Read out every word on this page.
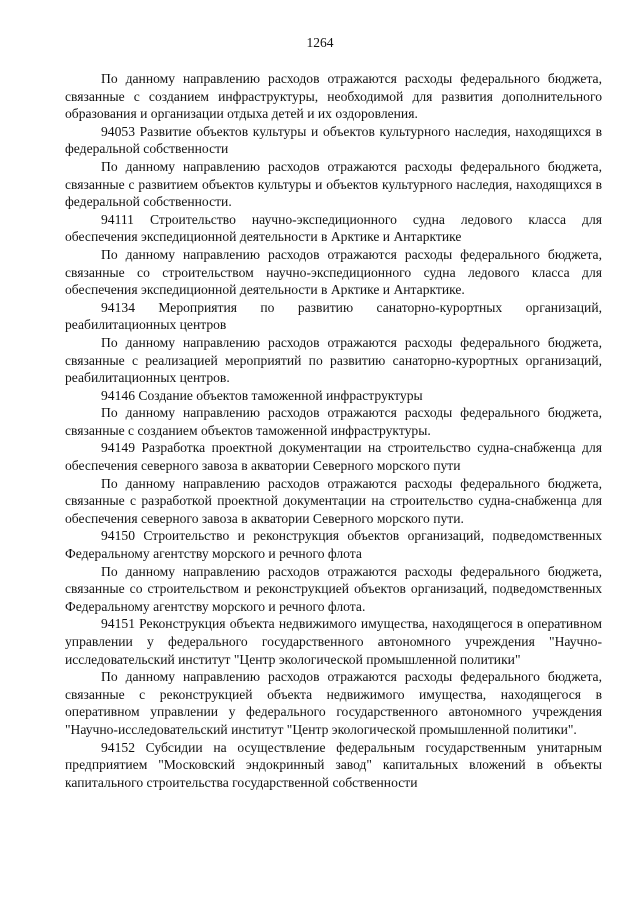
1264

По данному направлению расходов отражаются расходы федерального бюджета, связанные с созданием инфраструктуры, необходимой для развития дополнительного образования и организации отдыха детей и их оздоровления.

94053 Развитие объектов культуры и объектов культурного наследия, находящихся в федеральной собственности

По данному направлению расходов отражаются расходы федерального бюджета, связанные с развитием объектов культуры и объектов культурного наследия, находящихся в федеральной собственности.

94111 Строительство научно-экспедиционного судна ледового класса для обеспечения экспедиционной деятельности в Арктике и Антарктике

По данному направлению расходов отражаются расходы федерального бюджета, связанные со строительством научно-экспедиционного судна ледового класса для обеспечения экспедиционной деятельности в Арктике и Антарктике.

94134 Мероприятия по развитию санаторно-курортных организаций, реабилитационных центров

По данному направлению расходов отражаются расходы федерального бюджета, связанные с реализацией мероприятий по развитию санаторно-курортных организаций, реабилитационных центров.

94146 Создание объектов таможенной инфраструктуры

По данному направлению расходов отражаются расходы федерального бюджета, связанные с созданием объектов таможенной инфраструктуры.

94149 Разработка проектной документации на строительство судна-снабженца для обеспечения северного завоза в акватории Северного морского пути

По данному направлению расходов отражаются расходы федерального бюджета, связанные с разработкой проектной документации на строительство судна-снабженца для обеспечения северного завоза в акватории Северного морского пути.

94150 Строительство и реконструкция объектов организаций, подведомственных Федеральному агентству морского и речного флота

По данному направлению расходов отражаются расходы федерального бюджета, связанные со строительством и реконструкцией объектов организаций, подведомственных Федеральному агентству морского и речного флота.

94151 Реконструкция объекта недвижимого имущества, находящегося в оперативном управлении у федерального государственного автономного учреждения "Научно-исследовательский институт "Центр экологической промышленной политики"

По данному направлению расходов отражаются расходы федерального бюджета, связанные с реконструкцией объекта недвижимого имущества, находящегося в оперативном управлении у федерального государственного автономного учреждения "Научно-исследовательский институт "Центр экологической промышленной политики".

94152 Субсидии на осуществление федеральным государственным унитарным предприятием "Московский эндокринный завод" капитальных вложений в объекты капитального строительства государственной собственности
